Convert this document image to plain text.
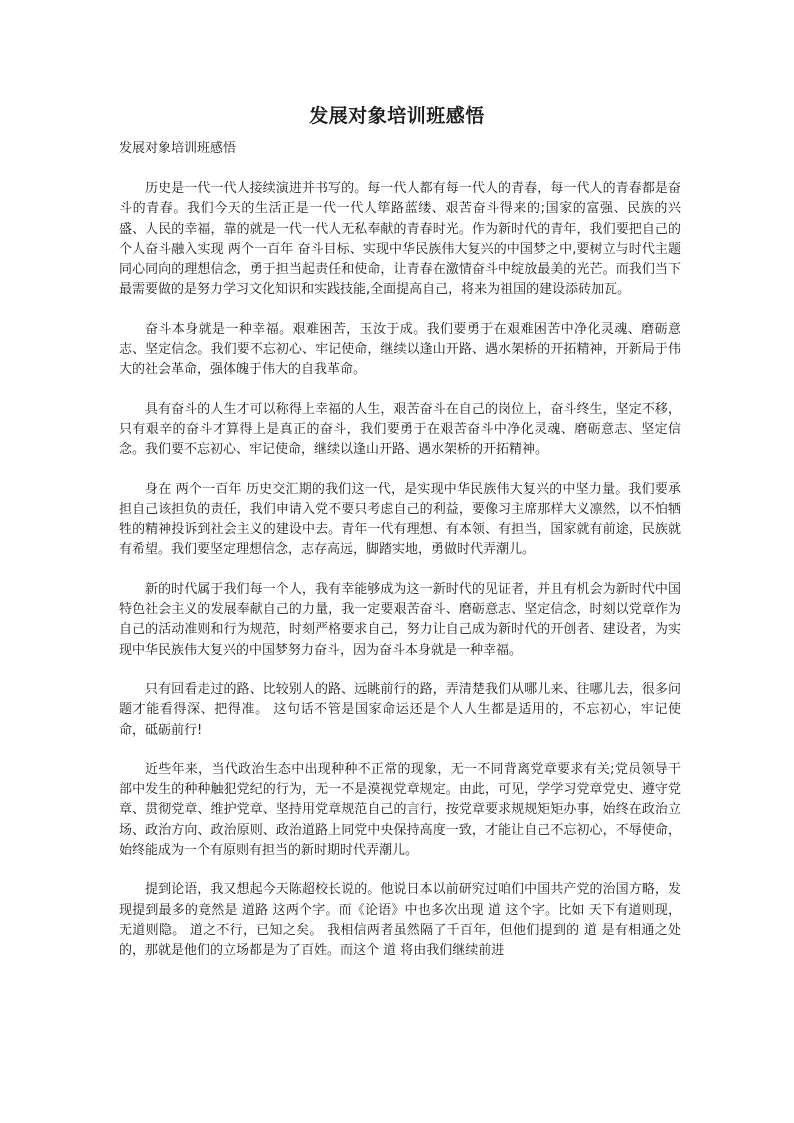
发展对象培训班感悟
发展对象培训班感悟

历史是一代一代人接续演进并书写的。每一代人都有每一代人的青春，每一代人的青春都是奋斗的青春。我们今天的生活正是一代一代人筚路蓝缕、艰苦奋斗得来的;国家的富强、民族的兴盛、人民的幸福，靠的就是一代一代人无私奉献的青春时光。作为新时代的青年，我们要把自己的个人奋斗融入实现 两个一百年 奋斗目标、实现中华民族伟大复兴的中国梦之中,要树立与时代主题同心同向的理想信念，勇于担当起责任和使命，让青春在激情奋斗中绽放最美的光芒。而我们当下最需要做的是努力学习文化知识和实践技能,全面提高自己，将来为祖国的建设添砖加瓦。

奋斗本身就是一种幸福。艰难困苦，玉汝于成。我们要勇于在艰难困苦中净化灵魂、磨砺意志、坚定信念。我们要不忘初心、牢记使命，继续以逢山开路、遇水架桥的开拓精神，开新局于伟大的社会革命，强体魄于伟大的自我革命。

具有奋斗的人生才可以称得上幸福的人生，艰苦奋斗在自己的岗位上，奋斗终生，坚定不移，只有艰辛的奋斗才算得上是真正的奋斗，我们要勇于在艰苦奋斗中净化灵魂、磨砺意志、坚定信念。我们要不忘初心、牢记使命，继续以逢山开路、遇水架桥的开拓精神。

身在 两个一百年 历史交汇期的我们这一代，是实现中华民族伟大复兴的中坚力量。我们要承担自己该担负的责任，我们申请入党不要只考虑自己的利益，要像习主席那样大义凛然，以不怕牺牲的精神投诉到社会主义的建设中去。青年一代有理想、有本领、有担当，国家就有前途，民族就有希望。我们要坚定理想信念，志存高远，脚踏实地，勇做时代弄潮儿。

新的时代属于我们每一个人，我有幸能够成为这一新时代的见证者，并且有机会为新时代中国特色社会主义的发展奉献自己的力量，我一定要艰苦奋斗、磨砺意志、坚定信念，时刻以党章作为自己的活动准则和行为规范，时刻严格要求自己，努力让自己成为新时代的开创者、建设者，为实现中华民族伟大复兴的中国梦努力奋斗，因为奋斗本身就是一种幸福。

只有回看走过的路、比较别人的路、远眺前行的路，弄清楚我们从哪儿来、往哪儿去，很多问题才能看得深、把得准。 这句话不管是国家命运还是个人人生都是适用的，不忘初心，牢记使命，砥砺前行!

近些年来，当代政治生态中出现种种不正常的现象，无一不同背离党章要求有关;党员领导干部中发生的种种触犯党纪的行为，无一不是漠视党章规定。由此，可见，学学习党章党史、遵守党章、贯彻党章、维护党章、坚持用党章规范自己的言行，按党章要求规规矩矩办事，始终在政治立场、政治方向、政治原则、政治道路上同党中央保持高度一致，才能让自己不忘初心，不辱使命，始终能成为一个有原则有担当的新时期时代弄潮儿。

提到论语，我又想起今天陈超校长说的。他说日本以前研究过咱们中国共产党的治国方略，发现提到最多的竟然是 道路 这两个字。而《论语》中也多次出现 道 这个字。比如 天下有道则现，无道则隐。 道之不行，已知之矣。 我相信两者虽然隔了千百年，但他们提到的 道 是有相通之处的，那就是他们的立场都是为了百姓。而这个 道 将由我们继续前进
